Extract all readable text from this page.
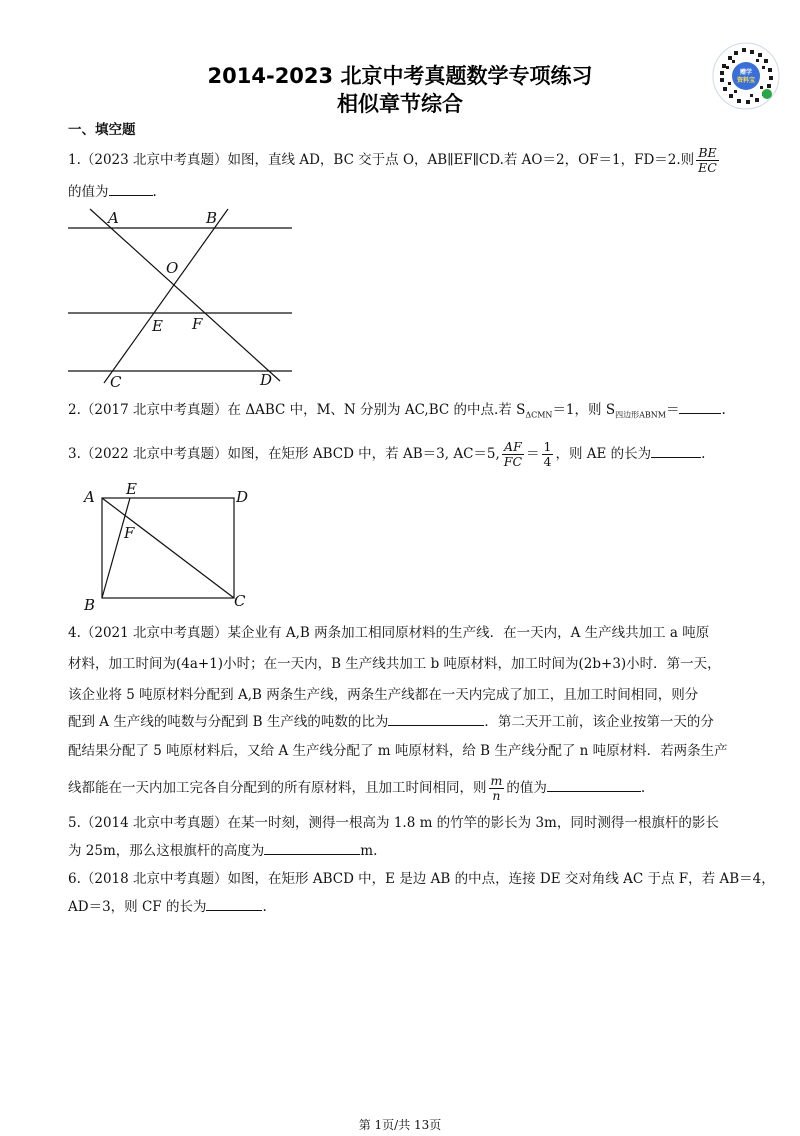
2014-2023 北京中考真题数学专项练习
相似章节综合
赠学
资料宝
一、填空题
1.（2023 北京中考真题）如图，直线 AD，BC 交于点 O，AB∥EF∥CD.若 AO＝2，OF＝1，FD＝2.则 $\frac{BE}{EC}$
的值为	.
A	B
O
E F
C	D
2.（2017 北京中考真题）在 ΔABC 中，M、N 分别为 AC,BC 的中点.若 $S_{\Delta CMN}=1$，则 $S_{四边形ABNM}=$	.
3.（2022 北京中考真题）如图，在矩形 ABCD 中，若 AB＝3, AC＝5, $\frac{AF}{FC} = \frac{1}{4}$ ，则 AE 的长为	.
A E	D
F
B	C
4.（2021 北京中考真题）某企业有 A,B 两条加工相同原材料的生产线．在一天内，A 生产线共加工 a 吨原
材料，加工时间为(4a+1)小时；在一天内，B 生产线共加工 b 吨原材料，加工时间为(2b+3)小时．第一天，
该企业将 5 吨原材料分配到 A,B 两条生产线，两条生产线都在一天内完成了加工，且加工时间相同，则分
配到 A 生产线的吨数与分配到 B 生产线的吨数的比为	．第二天开工前，该企业按第一天的分
配结果分配了 5 吨原材料后，又给 A 生产线分配了 m 吨原材料，给 B 生产线分配了 n 吨原材料．若两条生产
线都能在一天内加工完各自分配到的所有原材料，且加工时间相同，则 $\frac{m}{n}$ 的值为	.
5.（2014 北京中考真题）在某一时刻，测得一根高为 1.8 m 的竹竿的影长为 3m，同时测得一根旗杆的影长
为 25m，那么这根旗杆的高度为	m.
6.（2018 北京中考真题）如图，在矩形 ABCD 中，E 是边 AB 的中点，连接 DE 交对角线 AC 于点 F，若 AB＝4，
AD＝3，则 CF 的长为	.
第 1页/共 13页
